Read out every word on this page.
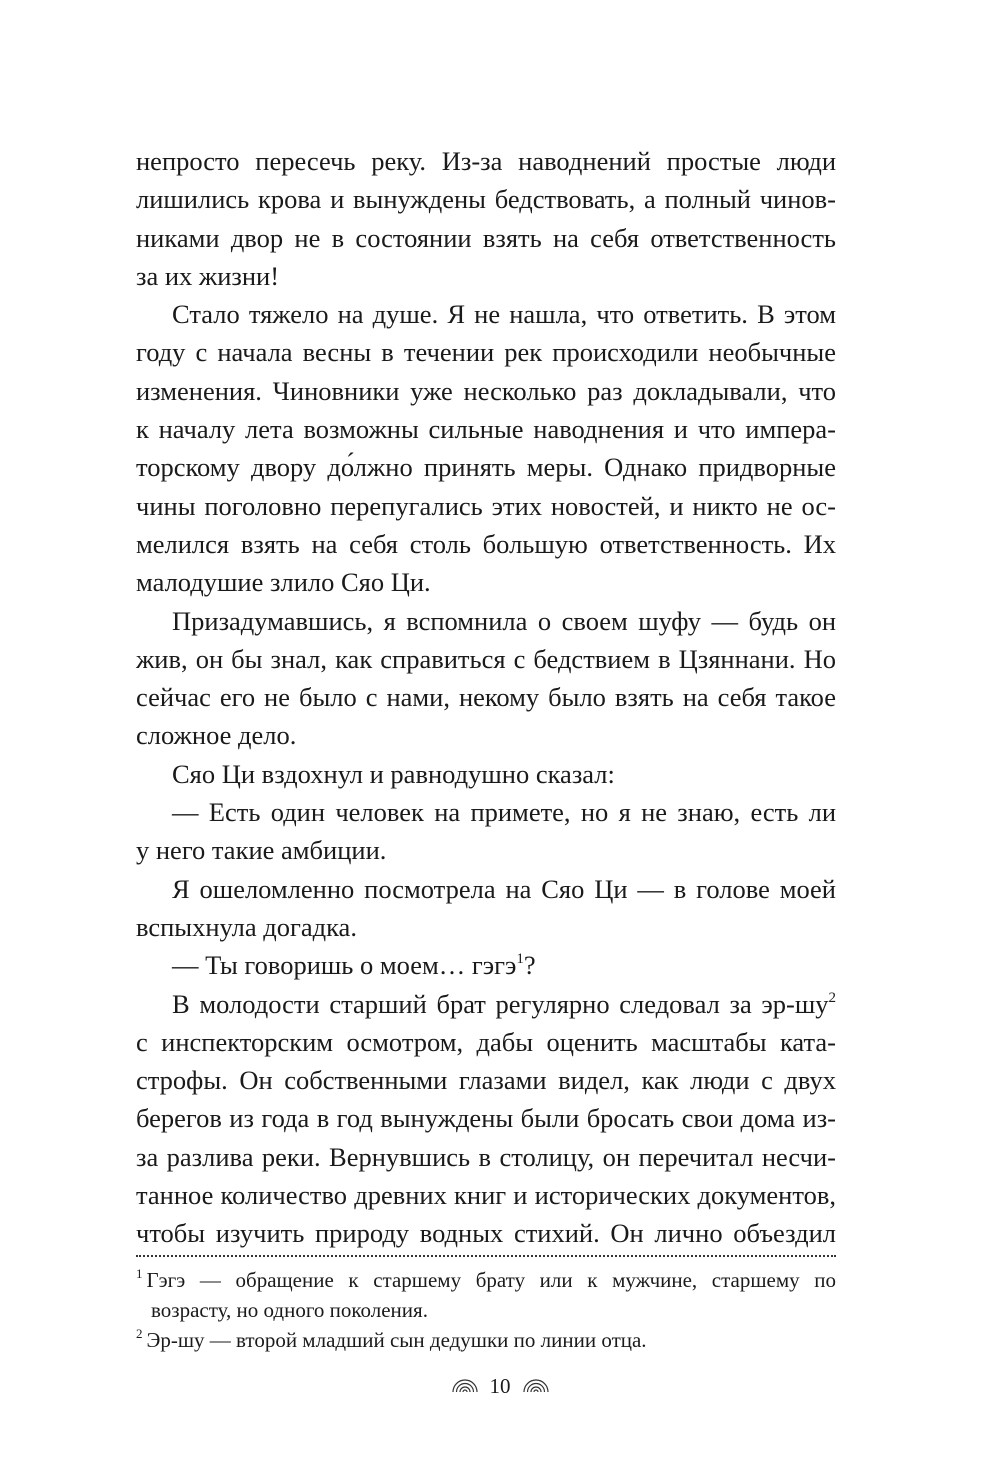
непросто пересечь реку. Из-за наводнений простые люди
лишились крова и вынуждены бедствовать, а полный чинов-
никами двор не в состоянии взять на себя ответственность
за их жизни!
Стало тяжело на душе. Я не нашла, что ответить. В этом
году с начала весны в течении рек происходили необычные
изменения. Чиновники уже несколько раз докладывали, что
к началу лета возможны сильные наводнения и что импера-
торскому двору до́лжно принять меры. Однако придворные
чины поголовно перепугались этих новостей, и никто не ос-
мелился взять на себя столь большую ответственность. Их
малодушие злило Сяо Ци.
Призадумавшись, я вспомнила о своем шуфу — будь он
жив, он бы знал, как справиться с бедствием в Цзяннани. Но
сейчас его не было с нами, некому было взять на себя такое
сложное дело.
Сяо Ци вздохнул и равнодушно сказал:
— Есть один человек на примете, но я не знаю, есть ли
у него такие амбиции.
Я ошеломленно посмотрела на Сяо Ци — в голове моей
вспыхнула догадка.
— Ты говоришь о моем… гэгэ$^1$?
В молодости старший брат регулярно следовал за $эр-шу^2$
с инспекторским осмотром, дабы оценить масштабы ката-
строфы. Он собственными глазами видел, как люди с двух
берегов из года в год вынуждены были бросать свои дома из-
за разлива реки. Вернувшись в столицу, он перечитал несчи-
танное количество древних книг и исторических документов,
чтобы изучить природу водных стихий. Он лично объездил
$^1$ Гэгэ — обращение к старшему брату или к мужчине, старшему по
возрасту, но одного поколения.
$^2$ Эр-шу — второй младший сын дедушки по линии отца.
10
